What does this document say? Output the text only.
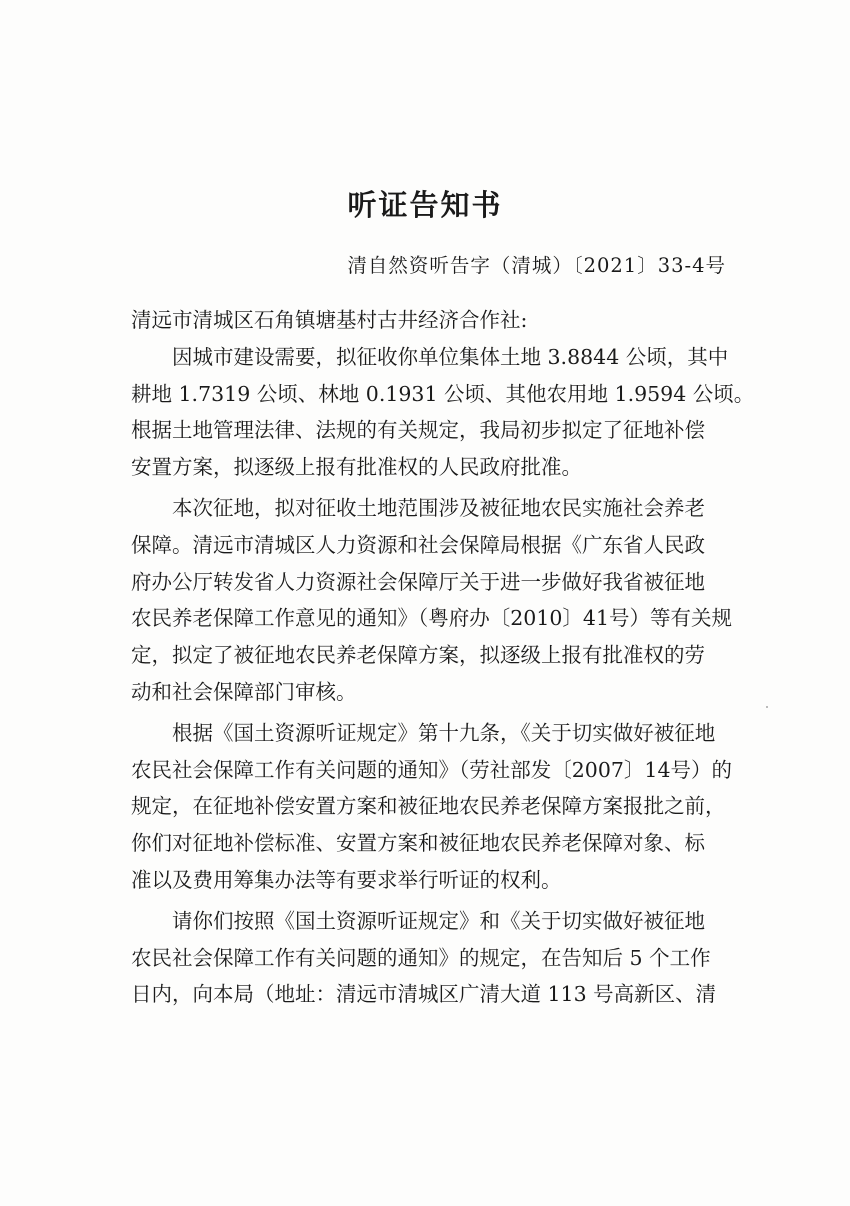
听证告知书
清自然资听告字（清城）〔2021〕33-4号
清远市清城区石角镇塘基村古井经济合作社:
因城市建设需要，拟征收你单位集体土地 3.8844 公顷，其中
耕地 1.7319 公顷、林地 0.1931 公顷、其他农用地 1.9594 公顷。
根据土地管理法律、法规的有关规定，我局初步拟定了征地补偿
安置方案，拟逐级上报有批准权的人民政府批准。
本次征地，拟对征收土地范围涉及被征地农民实施社会养老
保障。清远市清城区人力资源和社会保障局根据《广东省人民政
府办公厅转发省人力资源社会保障厅关于进一步做好我省被征地
农民养老保障工作意见的通知》（粤府办〔2010〕41号）等有关规
定，拟定了被征地农民养老保障方案，拟逐级上报有批准权的劳
动和社会保障部门审核。
根据《国土资源听证规定》第十九条，《关于切实做好被征地
农民社会保障工作有关问题的通知》（劳社部发〔2007〕14号）的
规定，在征地补偿安置方案和被征地农民养老保障方案报批之前，
你们对征地补偿标准、安置方案和被征地农民养老保障对象、标
准以及费用筹集办法等有要求举行听证的权利。
请你们按照《国土资源听证规定》和《关于切实做好被征地
农民社会保障工作有关问题的通知》的规定，在告知后 5 个工作
日内，向本局（地址：清远市清城区广清大道 113 号高新区、清
